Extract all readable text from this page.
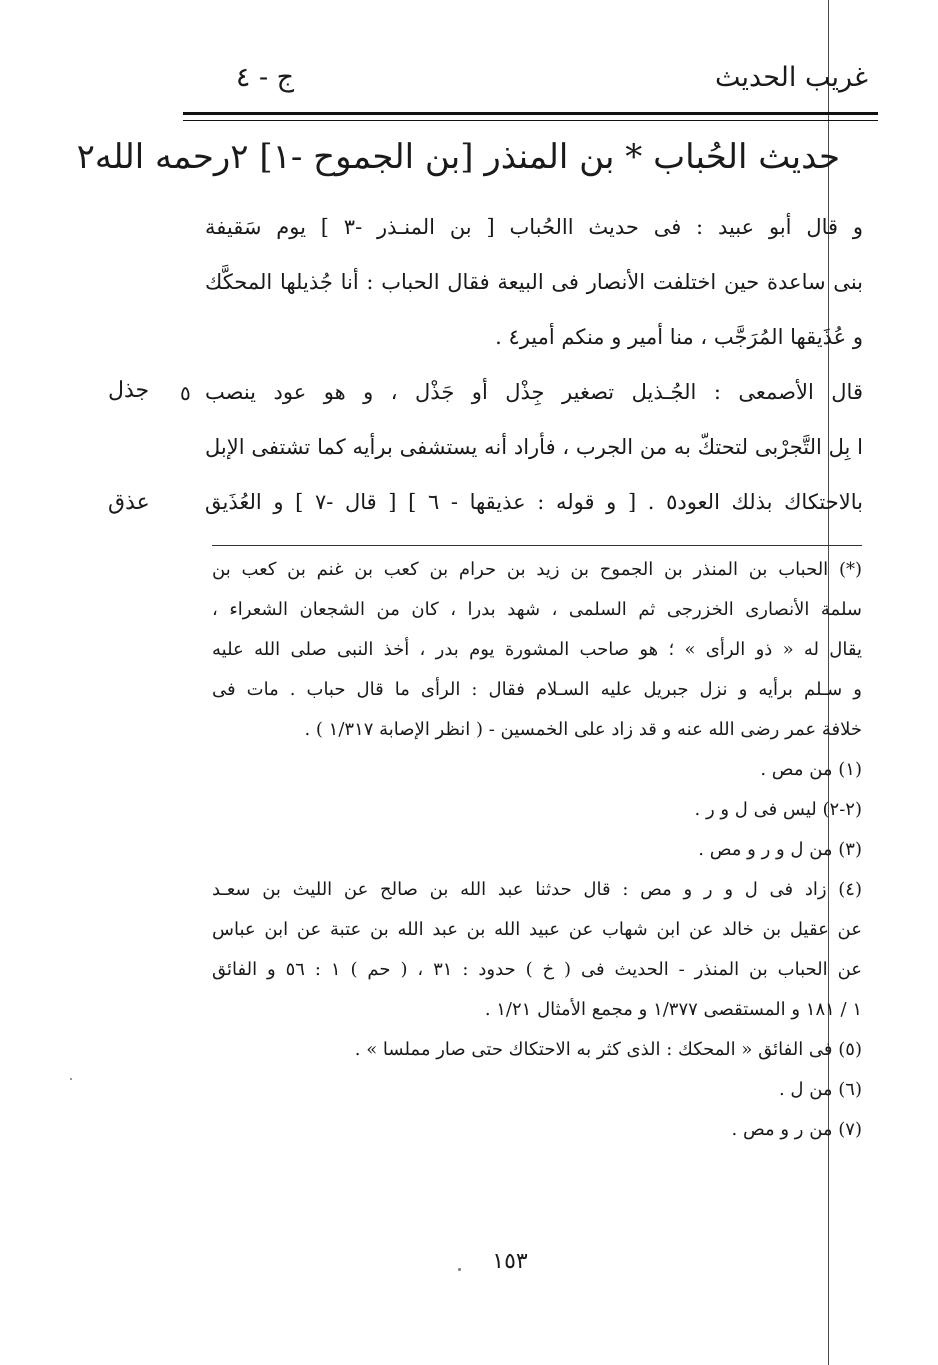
ج - ٤	غريب الحديث
حديث الحُباب * بن المنذر [بن الجموح -١] ٢رحمه الله٢
و قال أبو عبيد : فى حديث االحُباب [ بن المنـذر -٣ ] يوم سَقيفة
بنى ساعدة حين اختلفت الأنصار فى البيعة فقال الحباب : أنا جُذيلها المحكَّك
و عُذَيقها المُرَجَّب ، منا أمير و منكم أمير٤ .
قال الأصمعى : الجُـذيل تصغير جِذْل أو جَذْل ، و هو عود ينصب
ا بِل التَّجرْبى لتحتكّ به من الجرب ، فأراد أنه يستشفى برأيه كما تشتفى الإبل
بالاحتكاك بذلك العود٥ . [ و قوله : عذيقها - ٦ ] [ قال -٧ ] و العُذَيق
٥
جذل
عذق
(*) الحباب بن المنذر بن الجموح بن زيد بن حرام بن كعب بن غنم بن كعب بن
سلمة الأنصارى الخزرجى ثم السلمى ، شهد بدرا ، كان من الشجعان الشعراء ،
يقال له « ذو الرأى » ؛ هو صاحب المشورة يوم بدر ، أخذ النبى صلى الله عليه
و سـلم برأيه و نزل جبريل عليه السـلام فقال : الرأى ما قال حباب . مات فى
خلافة عمر رضى الله عنه و قد زاد على الخمسين - ( انظر الإصابة ١/٣١٧ ) .
(١) من مص .
(٢-٢) ليس فى ل و ر .
(٣) من ل و ر و مص .
(٤) زاد فى ل و ر و مص : قال حدثنا عبد الله بن صالح عن الليث بن سعـد
عن عقيل بن خالد عن ابن شهاب عن عبيد الله بن عبد الله بن عتبة عن ابن عباس
عن الحباب بن المنذر - الحديث فى ( خ ) حدود : ٣١ ، ( حم ) ١ : ٥٦ و الفائق
١ / ١٨١ و المستقصى ١/٣٧٧ و مجمع الأمثال ١/٢١ .
(٥) فى الفائق « المحكك : الذى كثر به الاحتكاك حتى صار مملسا » .
(٦) من ل .
(٧) من ر و مص .
١٥٣
